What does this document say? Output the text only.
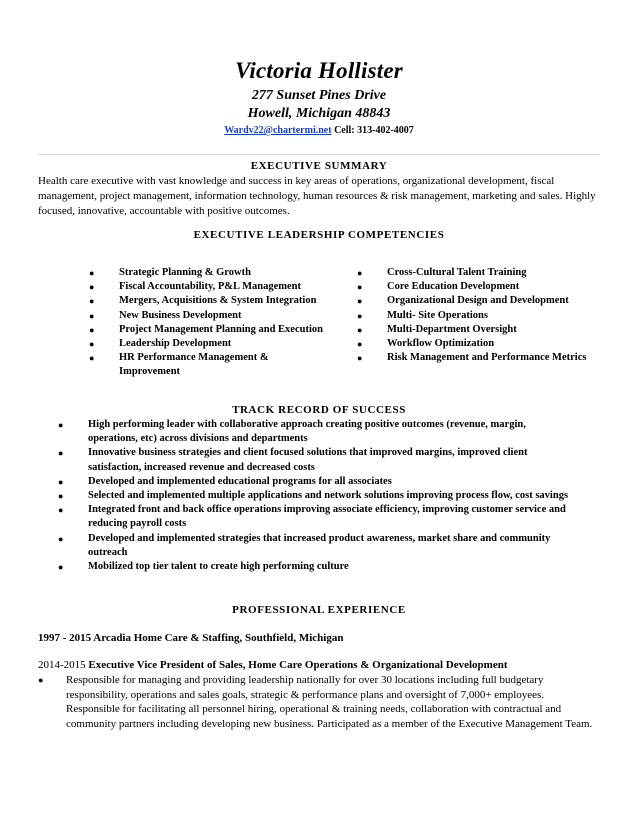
Victoria Hollister
277 Sunset Pines Drive
Howell, Michigan 48843
Wardv22@chartermi.net Cell: 313-402-4007
EXECUTIVE SUMMARY
Health care executive with vast knowledge and success in key areas of operations, organizational development, fiscal management, project management, information technology, human resources & risk management, marketing and sales. Highly focused, innovative, accountable with positive outcomes.
EXECUTIVE LEADERSHIP COMPETENCIES
● Strategic Planning & Growth
● Fiscal Accountability, P&L Management
● Mergers, Acquisitions & System Integration
● New Business Development
● Project Management Planning and Execution
● Leadership Development
● HR Performance Management & Improvement
● Cross-Cultural Talent Training
● Core Education Development
● Organizational Design and Development
● Multi- Site Operations
● Multi-Department Oversight
● Workflow Optimization
● Risk Management and Performance Metrics
TRACK RECORD OF SUCCESS
● High performing leader with collaborative approach creating positive outcomes (revenue, margin, operations, etc) across divisions and departments
● Innovative business strategies and client focused solutions that improved margins, improved client satisfaction, increased revenue and decreased costs
● Developed and implemented educational programs for all associates
● Selected and implemented multiple applications and network solutions improving process flow, cost savings
● Integrated front and back office operations improving associate efficiency, improving customer service and reducing payroll costs
● Developed and implemented strategies that increased product awareness, market share and community outreach
● Mobilized top tier talent to create high performing culture
PROFESSIONAL EXPERIENCE
1997 - 2015 Arcadia Home Care & Staffing, Southfield, Michigan
2014-2015 Executive Vice President of Sales, Home Care Operations & Organizational Development
● Responsible for managing and providing leadership nationally for over 30 locations including full budgetary responsibility, operations and sales goals, strategic & performance plans and oversight of 7,000+ employees.
Responsible for facilitating all personnel hiring, operational & training needs, collaboration with contractual and community partners including developing new business. Participated as a member of the Executive Management Team.
